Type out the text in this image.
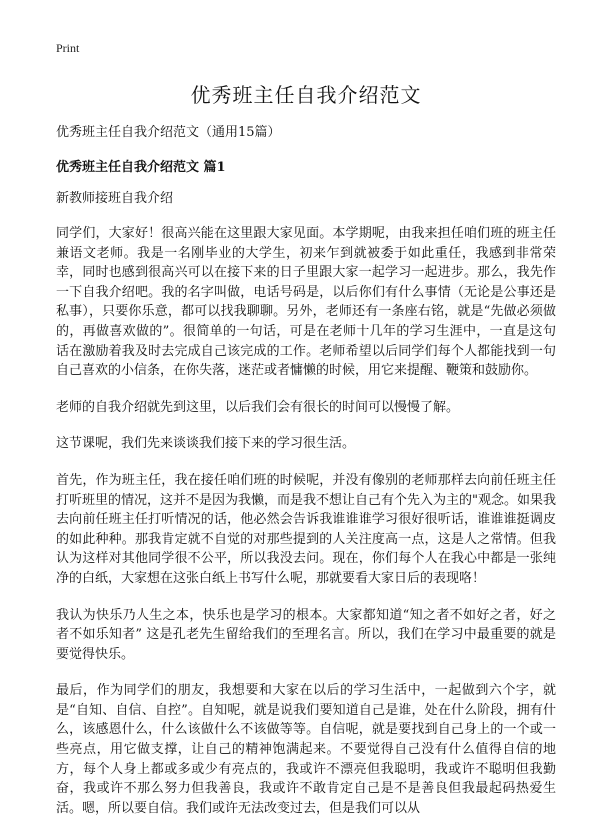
Print
优秀班主任自我介绍范文
优秀班主任自我介绍范文（通用15篇）
优秀班主任自我介绍范文 篇1
新教师接班自我介绍

同学们，大家好！很高兴能在这里跟大家见面。本学期呢，由我来担任咱们班的班主任兼语文老师。我是一名刚毕业的大学生，初来乍到就被委于如此重任，我感到非常荣幸，同时也感到很高兴可以在接下来的日子里跟大家一起学习一起进步。那么，我先作一下自我介绍吧。我的名字叫做，电话号码是，以后你们有什么事情（无论是公事还是私事），只要你乐意，都可以找我聊聊。另外，老师还有一条座右铭，就是“先做必须做的，再做喜欢做的”。很简单的一句话，可是在老师十几年的学习生涯中，一直是这句话在激励着我及时去完成自己该完成的工作。老师希望以后同学们每个人都能找到一句自己喜欢的小信条，在你失落，迷茫或者慵懒的时候，用它来提醒、鞭策和鼓励你。

老师的自我介绍就先到这里，以后我们会有很长的时间可以慢慢了解。

这节课呢，我们先来谈谈我们接下来的学习很生活。

首先，作为班主任，我在接任咱们班的时候呢，并没有像别的老师那样去向前任班主任打听班里的情况，这并不是因为我懒，而是我不想让自己有个先入为主的"观念。如果我去向前任班主任打听情况的话，他必然会告诉我谁谁谁学习很好很听话，谁谁谁挺调皮的如此种种。那我肯定就不自觉的对那些提到的人关注度高一点，这是人之常情。但我认为这样对其他同学很不公平，所以我没去问。现在，你们每个人在我心中都是一张纯净的白纸，大家想在这张白纸上书写什么呢，那就要看大家日后的表现咯！

我认为快乐乃人生之本，快乐也是学习的根本。大家都知道“知之者不如好之者，好之者不如乐知者” 这是孔老先生留给我们的至理名言。所以，我们在学习中最重要的就是要觉得快乐。

最后，作为同学们的朋友，我想要和大家在以后的学习生活中，一起做到六个字，就是“自知、自信、自控”。自知呢，就是说我们要知道自己是谁，处在什么阶段，拥有什么，该感恩什么，什么该做什么不该做等等。自信呢，就是要找到自己身上的一个或一些亮点，用它做支撑，让自己的精神饱满起来。不要觉得自己没有什么值得自信的地方，每个人身上都或多或少有亮点的，我或许不漂亮但我聪明，我或许不聪明但我勤奋，我或许不那么努力但我善良，我或许不敢肯定自己是不是善良但我最起码热爱生活。嗯，所以要自信。我们或许无法改变过去，但是我们可以从
